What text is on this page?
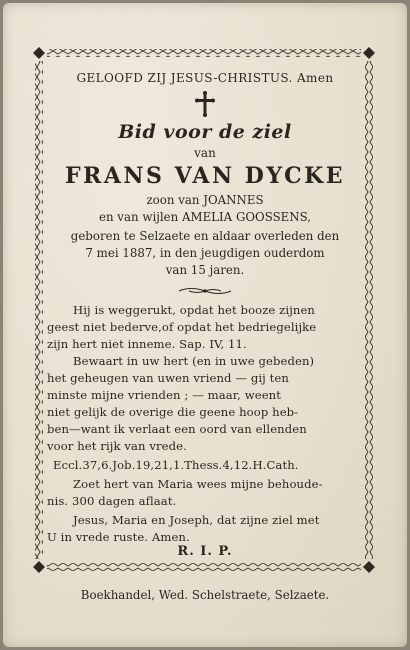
GELOOFD ZIJ JESUS-CHRISTUS. Amen
Bid voor de ziel
van
FRANS VAN DYCKE
zoon van JOANNES
en van wijlen AMELIA GOOSSENS,
geboren te Selzaete en aldaar overleden den
7 mei 1887, in den jeugdigen ouderdom
van 15 jaren.
Hij is weggerukt, opdat het booze zijnen
geest niet bederve,of opdat het bedriegelijke
zijn hert niet inneme. Sap. IV, 11.
Bewaart in uw hert (en in uwe gebeden)
het geheugen van uwen vriend — gij ten
minste mijne vrienden ; — maar, weent
niet gelijk de overige die geene hoop heb-
ben—want ik verlaat een oord van ellenden
voor het rijk van vrede.
Eccl.37,6.Job.19,21,1.Thess.4,12.H.Cath.
Zoet hert van Maria wees mijne behoude-
nis. 300 dagen aflaat.
Jesus, Maria en Joseph, dat zijne ziel met
U in vrede ruste. Amen.
R. I. P.
Boekhandel, Wed. Schelstraete, Selzaete.
